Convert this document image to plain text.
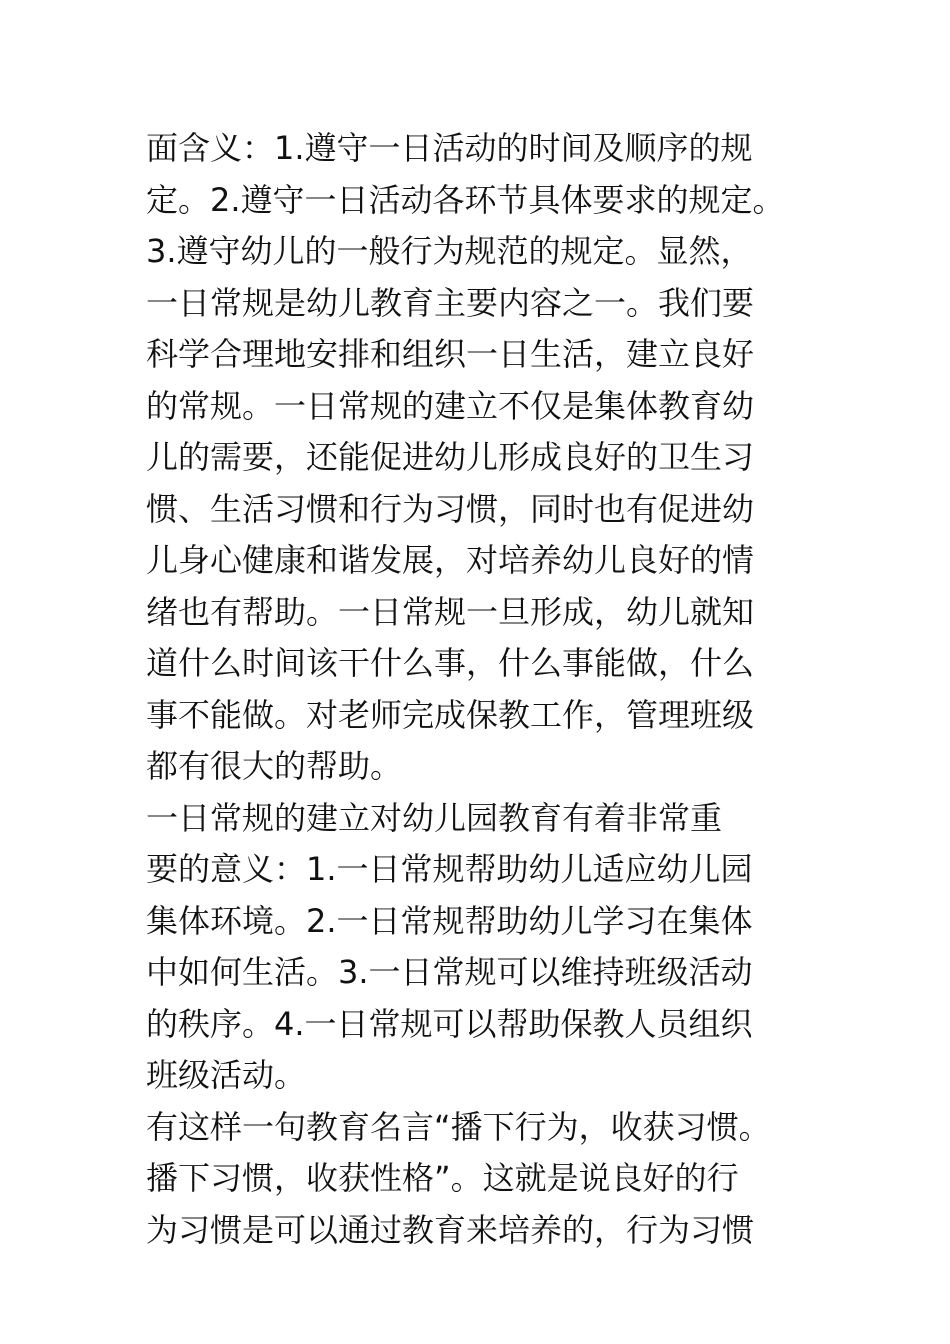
面含义：1.遵守一日活动的时间及顺序的规
定。2.遵守一日活动各环节具体要求的规定。
3.遵守幼儿的一般行为规范的规定。显然，
一日常规是幼儿教育主要内容之一。我们要
科学合理地安排和组织一日生活，建立良好
的常规。一日常规的建立不仅是集体教育幼
儿的需要，还能促进幼儿形成良好的卫生习
惯、生活习惯和行为习惯，同时也有促进幼
儿身心健康和谐发展，对培养幼儿良好的情
绪也有帮助。一日常规一旦形成，幼儿就知
道什么时间该干什么事，什么事能做，什么
事不能做。对老师完成保教工作，管理班级
都有很大的帮助。
一日常规的建立对幼儿园教育有着非常重
要的意义：1.一日常规帮助幼儿适应幼儿园
集体环境。2.一日常规帮助幼儿学习在集体
中如何生活。3.一日常规可以维持班级活动
的秩序。4.一日常规可以帮助保教人员组织
班级活动。
有这样一句教育名言“播下行为，收获习惯。
播下习惯，收获性格”。这就是说良好的行
为习惯是可以通过教育来培养的，行为习惯
